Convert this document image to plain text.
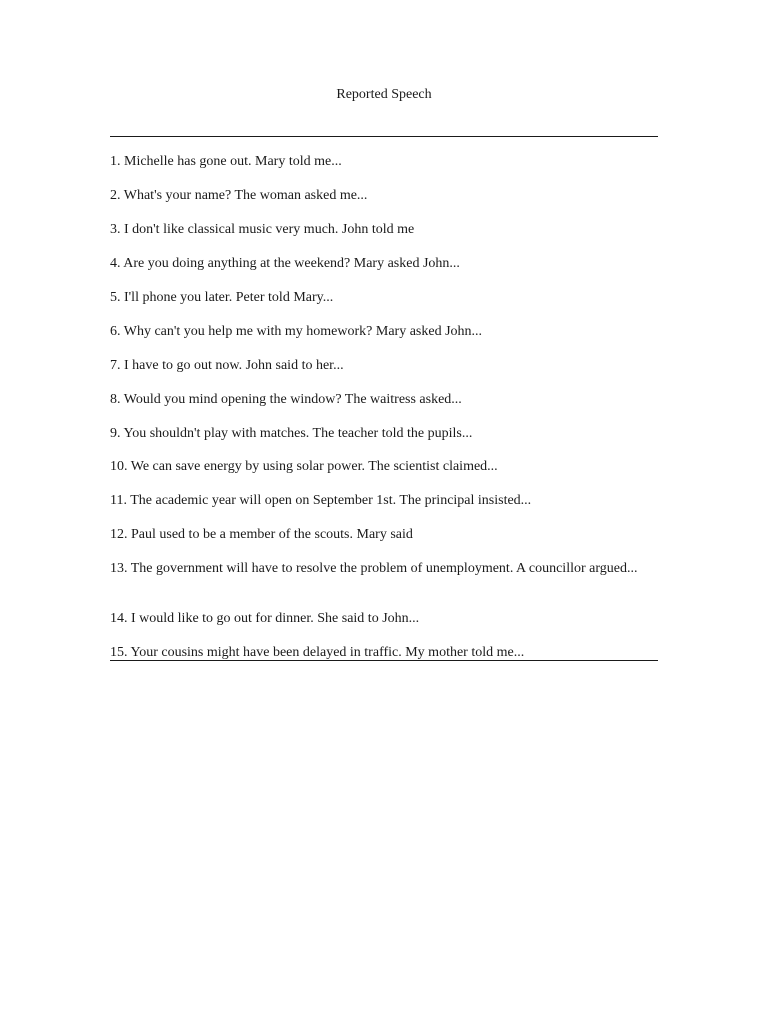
Reported Speech
1. Michelle has gone out. Mary told me...
2. What's your name? The woman asked me...
3. I don't like classical music very much. John told me
4. Are you doing anything at the weekend? Mary asked John...
5. I'll phone you later. Peter told Mary...
6. Why can't you help me with my homework? Mary asked John...
7. I have to go out now. John said to her...
8. Would you mind opening the window? The waitress asked...
9. You shouldn't play with matches. The teacher told the pupils...
10. We can save energy by using solar power. The scientist claimed...
11. The academic year will open on September 1st. The principal insisted...
12. Paul used to be a member of the scouts. Mary said
13. The government will have to resolve the problem of unemployment. A councillor argued...
14. I would like to go out for dinner. She said to John...
15. Your cousins might have been delayed in traffic. My mother told me...
